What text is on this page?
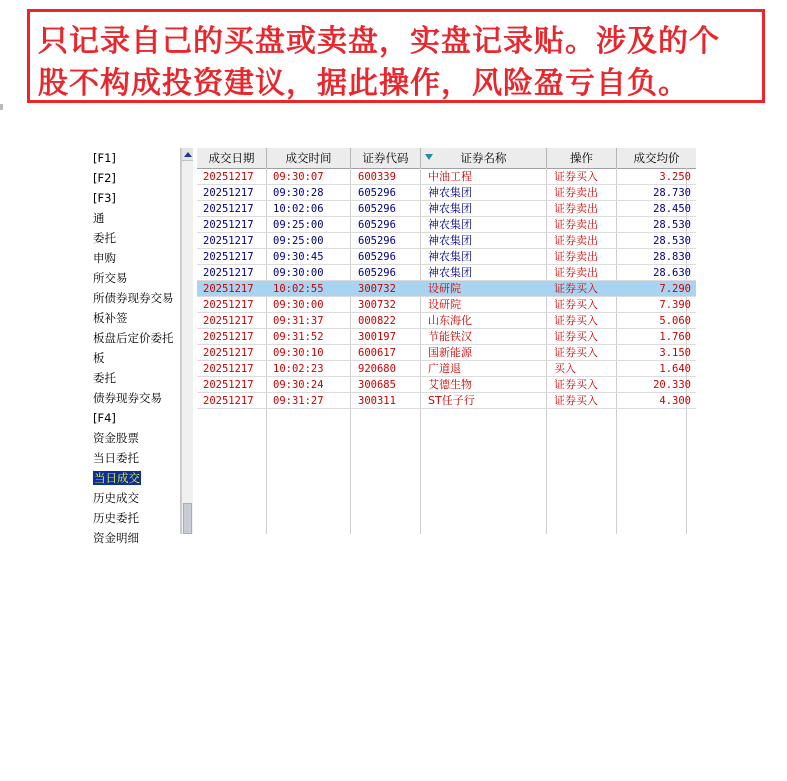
只记录自己的买盘或卖盘，实盘记录贴。涉及的个
股不构成投资建议，据此操作，风险盈亏自负。
[F1]
[F2]
[F3]
通
委托
申购
所交易
所债券现券交易
板补签
板盘后定价委托
板
委托
债券现券交易
[F4]
资金股票
当日委托
当日成交
历史成交
历史委托
资金明细
成交日期	成交时间	证券代码	证券名称	操作	成交均价
20251217 09:30:07	600339	中油工程	证券买入	3.250
20251217 09:30:28	605296	神农集团	证券卖出	28.730
20251217 10:02:06	605296	神农集团	证券卖出	28.450
20251217 09:25:00	605296	神农集团	证券卖出	28.530
20251217 09:25:00	605296	神农集团	证券卖出	28.530
20251217 09:30:45	605296	神农集团	证券卖出	28.830
20251217 09:30:00	605296	神农集团	证券卖出	28.630
20251217 10:02:55	300732	设研院	证券买入	7.290
20251217 09:30:00	300732	设研院	证券买入	7.390
20251217 09:31:37	000822	山东海化	证券买入	5.060
20251217 09:31:52	300197	节能铁汉	证券买入	1.760
20251217 09:30:10	600617	国新能源	证券买入	3.150
20251217 10:02:23	920680	广道退	买入	1.640
20251217 09:30:24	300685	艾德生物	证券买入	20.330
20251217 09:31:27	300311	ST任子行	证券买入	4.300
